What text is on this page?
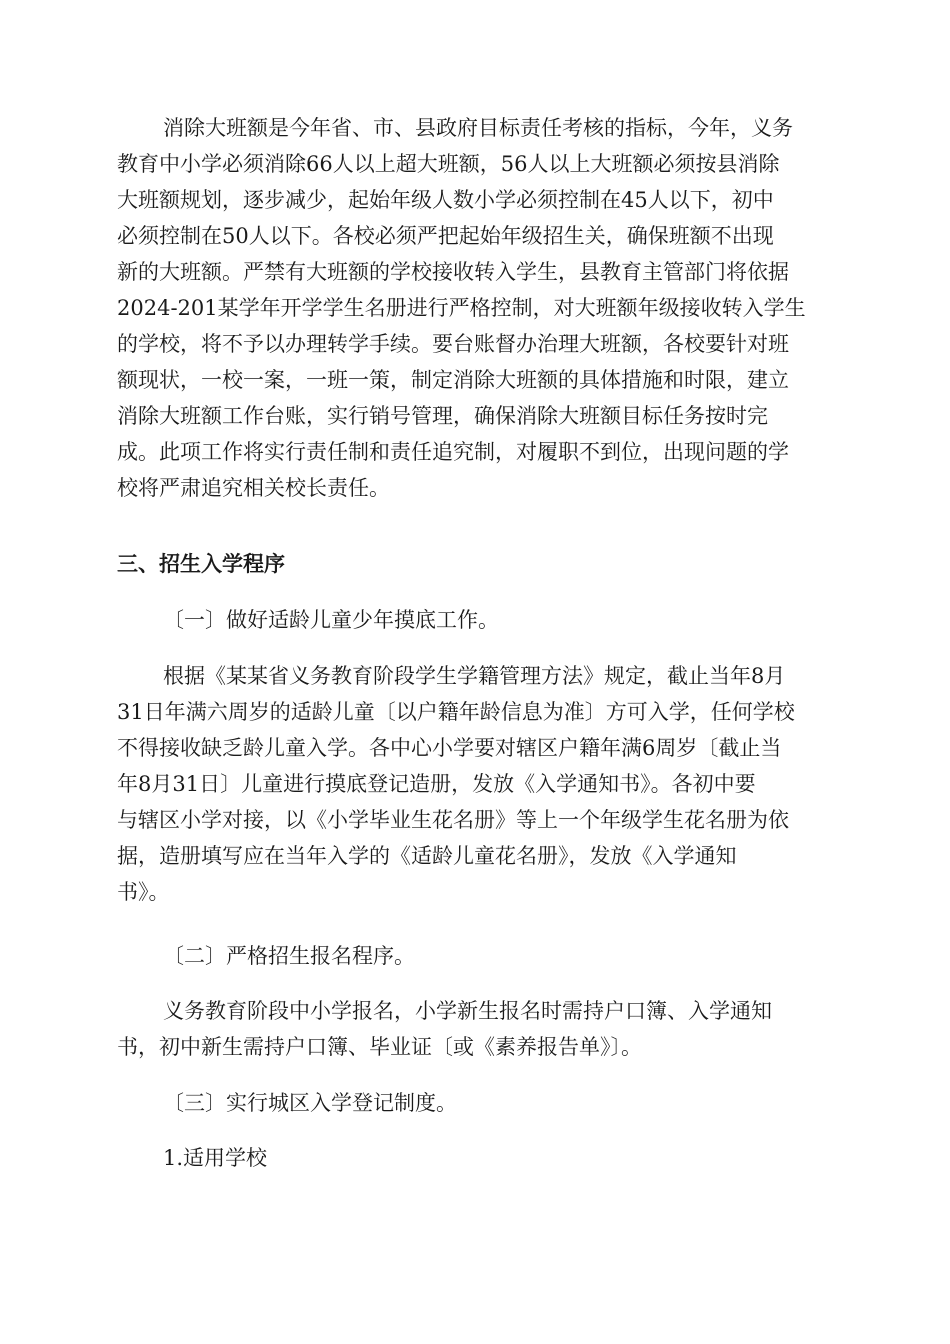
消除大班额是今年省、市、县政府目标责任考核的指标，今年，义务
教育中小学必须消除66人以上超大班额，56人以上大班额必须按县消除
大班额规划，逐步减少，起始年级人数小学必须控制在45人以下，初中
必须控制在50人以下。各校必须严把起始年级招生关，确保班额不出现
新的大班额。严禁有大班额的学校接收转入学生，县教育主管部门将依据
2024-201某学年开学学生名册进行严格控制，对大班额年级接收转入学生
的学校，将不予以办理转学手续。要台账督办治理大班额，各校要针对班
额现状，一校一案，一班一策，制定消除大班额的具体措施和时限，建立
消除大班额工作台账，实行销号管理，确保消除大班额目标任务按时完
成。此项工作将实行责任制和责任追究制，对履职不到位，出现问题的学
校将严肃追究相关校长责任。
三、招生入学程序
〔一〕做好适龄儿童少年摸底工作。
根据《某某省义务教育阶段学生学籍管理方法》规定，截止当年8月
31日年满六周岁的适龄儿童〔以户籍年龄信息为准〕方可入学，任何学校
不得接收缺乏龄儿童入学。各中心小学要对辖区户籍年满6周岁〔截止当
年8月31日〕儿童进行摸底登记造册，发放《入学通知书》。各初中要
与辖区小学对接，以《小学毕业生花名册》等上一个年级学生花名册为依
据，造册填写应在当年入学的《适龄儿童花名册》，发放《入学通知
书》。
〔二〕严格招生报名程序。
义务教育阶段中小学报名，小学新生报名时需持户口簿、入学通知
书，初中新生需持户口簿、毕业证〔或《素养报告单》〕。
〔三〕实行城区入学登记制度。
1.适用学校
